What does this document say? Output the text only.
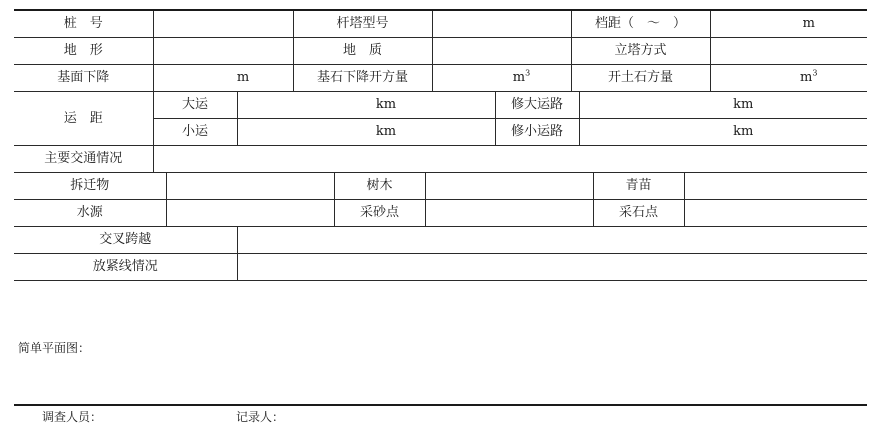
桩　号		杆塔型号		档距（　～　）	m
地　形		地　质		立塔方式	
基面下降	m	基石下降开方量	$m^3$	开土石方量	$m^3$
运　距	大运	km	修大运路	km
	小运	km	修小运路	km
主要交通情况	
拆迁物		树木		青苗	
水源		采砂点		采石点	
交叉跨越	
放紧线情况	
简单平面图：
调查人员：	记录人：
